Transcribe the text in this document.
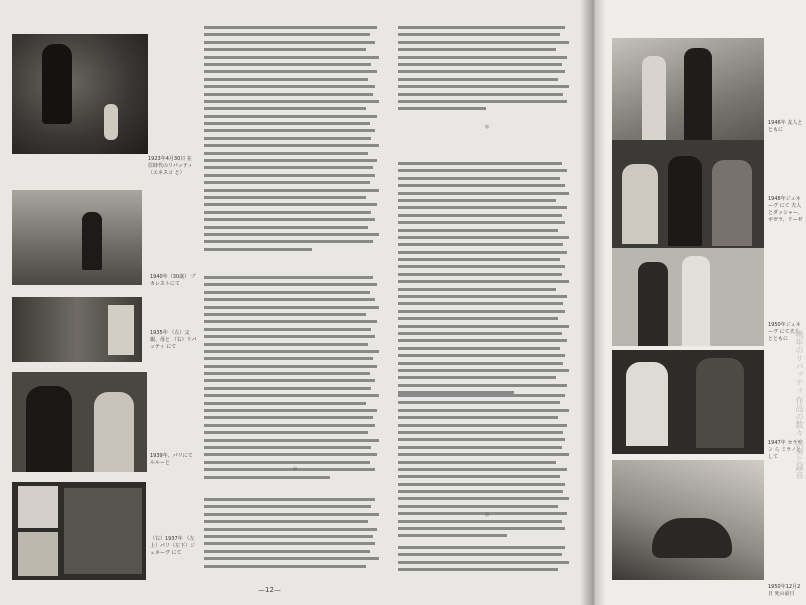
1923年4月30日 在住時代のリパッティ（エネスコ と）
1940年（30歳） ブカレストにて
1935年 （左）父親、母と （右）リパッティ にて
1939年、パリにて ルルーと
（右）1937年 （左上）パリ（左下）ジェネーヴ にて
＊
＊
＊
—12—
1946年 友人とともに
1948年ジュネーヴ にて 夫人とダッシャー、 ギゼラ、リーゼ
1950年ジュネーヴ にて夫人とともに
1947年 カラヤン ら ミラノとして
1950年12月2日 死の前日
晩年のリパッティ 作品の数々 演奏と録音
